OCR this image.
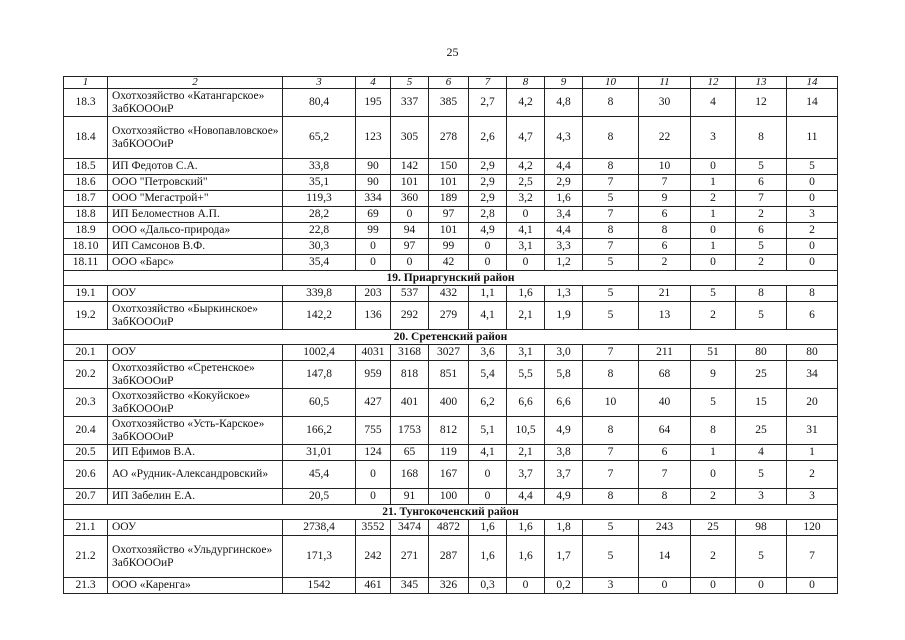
25
1	2	3	4	5	6	7	8	9	10	11	12	13	14
18.3	Охотхозяйство «Катангарское» ЗабКОООиР	80,4	195	337	385	2,7	4,2	4,8	8	30	4	12	14
18.4	Охотхозяйство «Новопавловское» ЗабКОООиР	65,2	123	305	278	2,6	4,7	4,3	8	22	3	8	11
18.5	ИП Федотов С.А.	33,8	90	142	150	2,9	4,2	4,4	8	10	0	5	5
18.6	ООО "Петровский"	35,1	90	101	101	2,9	2,5	2,9	7	7	1	6	0
18.7	ООО "Мегастрой+"	119,3	334	360	189	2,9	3,2	1,6	5	9	2	7	0
18.8	ИП Беломестнов А.П.	28,2	69	0	97	2,8	0	3,4	7	6	1	2	3
18.9	ООО «Дальсо-природа»	22,8	99	94	101	4,9	4,1	4,4	8	8	0	6	2
18.10	ИП Самсонов В.Ф.	30,3	0	97	99	0	3,1	3,3	7	6	1	5	0
18.11	ООО «Барс»	35,4	0	0	42	0	0	1,2	5	2	0	2	0
19. Приаргунский район													
19.1	ООУ	339,8	203	537	432	1,1	1,6	1,3	5	21	5	8	8
19.2	Охотхозяйство «Быркинское» ЗабКОООиР	142,2	136	292	279	4,1	2,1	1,9	5	13	2	5	6
20. Сретенский район													
20.1	ООУ	1002,4	4031	3168	3027	3,6	3,1	3,0	7	211	51	80	80
20.2	Охотхозяйство «Сретенское» ЗабКОООиР	147,8	959	818	851	5,4	5,5	5,8	8	68	9	25	34
20.3	Охотхозяйство «Кокуйское» ЗабКОООиР	60,5	427	401	400	6,2	6,6	6,6	10	40	5	15	20
20.4	Охотхозяйство «Усть-Карское» ЗабКОООиР	166,2	755	1753	812	5,1	10,5	4,9	8	64	8	25	31
20.5	ИП Ефимов В.А.	31,01	124	65	119	4,1	2,1	3,8	7	6	1	4	1
20.6	АО «Рудник-Александровский»	45,4	0	168	167	0	3,7	3,7	7	7	0	5	2
20.7	ИП Забелин Е.А.	20,5	0	91	100	0	4,4	4,9	8	8	2	3	3
21. Тунгокоченский район													
21.1	ООУ	2738,4	3552	3474	4872	1,6	1,6	1,8	5	243	25	98	120
21.2	Охотхозяйство «Ульдургинское» ЗабКОООиР	171,3	242	271	287	1,6	1,6	1,7	5	14	2	5	7
21.3	ООО «Каренга»	1542	461	345	326	0,3	0	0,2	3	0	0	0	0
